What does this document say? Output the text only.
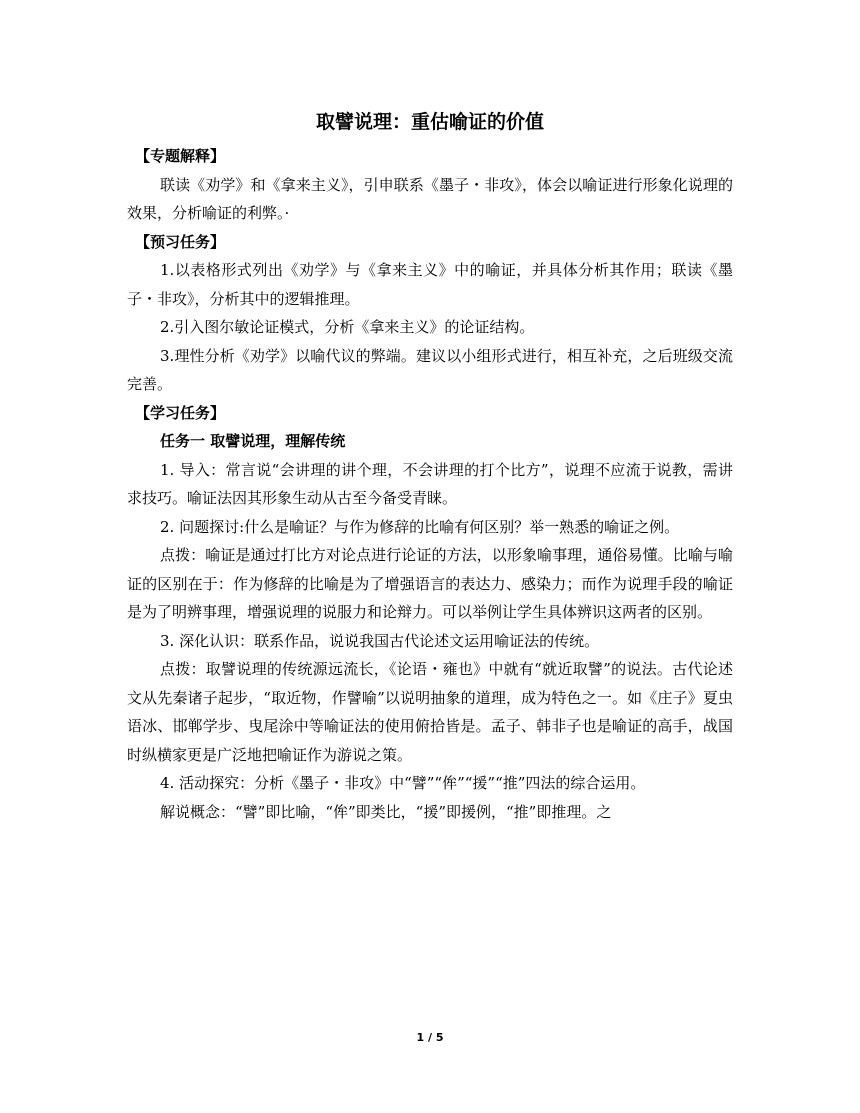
取譬说理：重估喻证的价值
【专题解释】

联读《劝学》和《拿来主义》，引申联系《墨子・非攻》，体会以喻证进行形象化说理的效果，分析喻证的利弊。·

【预习任务】

1.以表格形式列出《劝学》与《拿来主义》中的喻证，并具体分析其作用；联读《墨子・非攻》，分析其中的逻辑推理。

2.引入图尔敏论证模式，分析《拿来主义》的论证结构。

3.理性分析《劝学》以喻代议的弊端。建议以小组形式进行，相互补充，之后班级交流完善。

【学习任务】
任务一 取譬说理，理解传统

1. 导入：常言说“会讲理的讲个理，不会讲理的打个比方”，说理不应流于说教，需讲求技巧。喻证法因其形象生动从古至今备受青睐。

2. 问题探讨:什么是喻证？与作为修辞的比喻有何区别？举一熟悉的喻证之例。

点拨：喻证是通过打比方对论点进行论证的方法，以形象喻事理，通俗易懂。比喻与喻证的区别在于：作为修辞的比喻是为了增强语言的表达力、感染力；而作为说理手段的喻证是为了明辨事理，增强说理的说服力和论辩力。可以举例让学生具体辨识这两者的区别。

3. 深化认识：联系作品，说说我国古代论述文运用喻证法的传统。

点拨：取譬说理的传统源远流长，《论语・雍也》中就有“就近取譬”的说法。古代论述文从先秦诸子起步，“取近物，作譬喻”以说明抽象的道理，成为特色之一。如《庄子》夏虫语冰、邯郸学步、曳尾涂中等喻证法的使用俯拾皆是。孟子、韩非子也是喻证的高手，战国时纵横家更是广泛地把喻证作为游说之策。

4. 活动探究：分析《墨子・非攻》中“譬”“侔”“援”“推”四法的综合运用。

解说概念：“譬”即比喻，“侔”即类比，“援”即援例，“推”即推理。之

1 / 5
